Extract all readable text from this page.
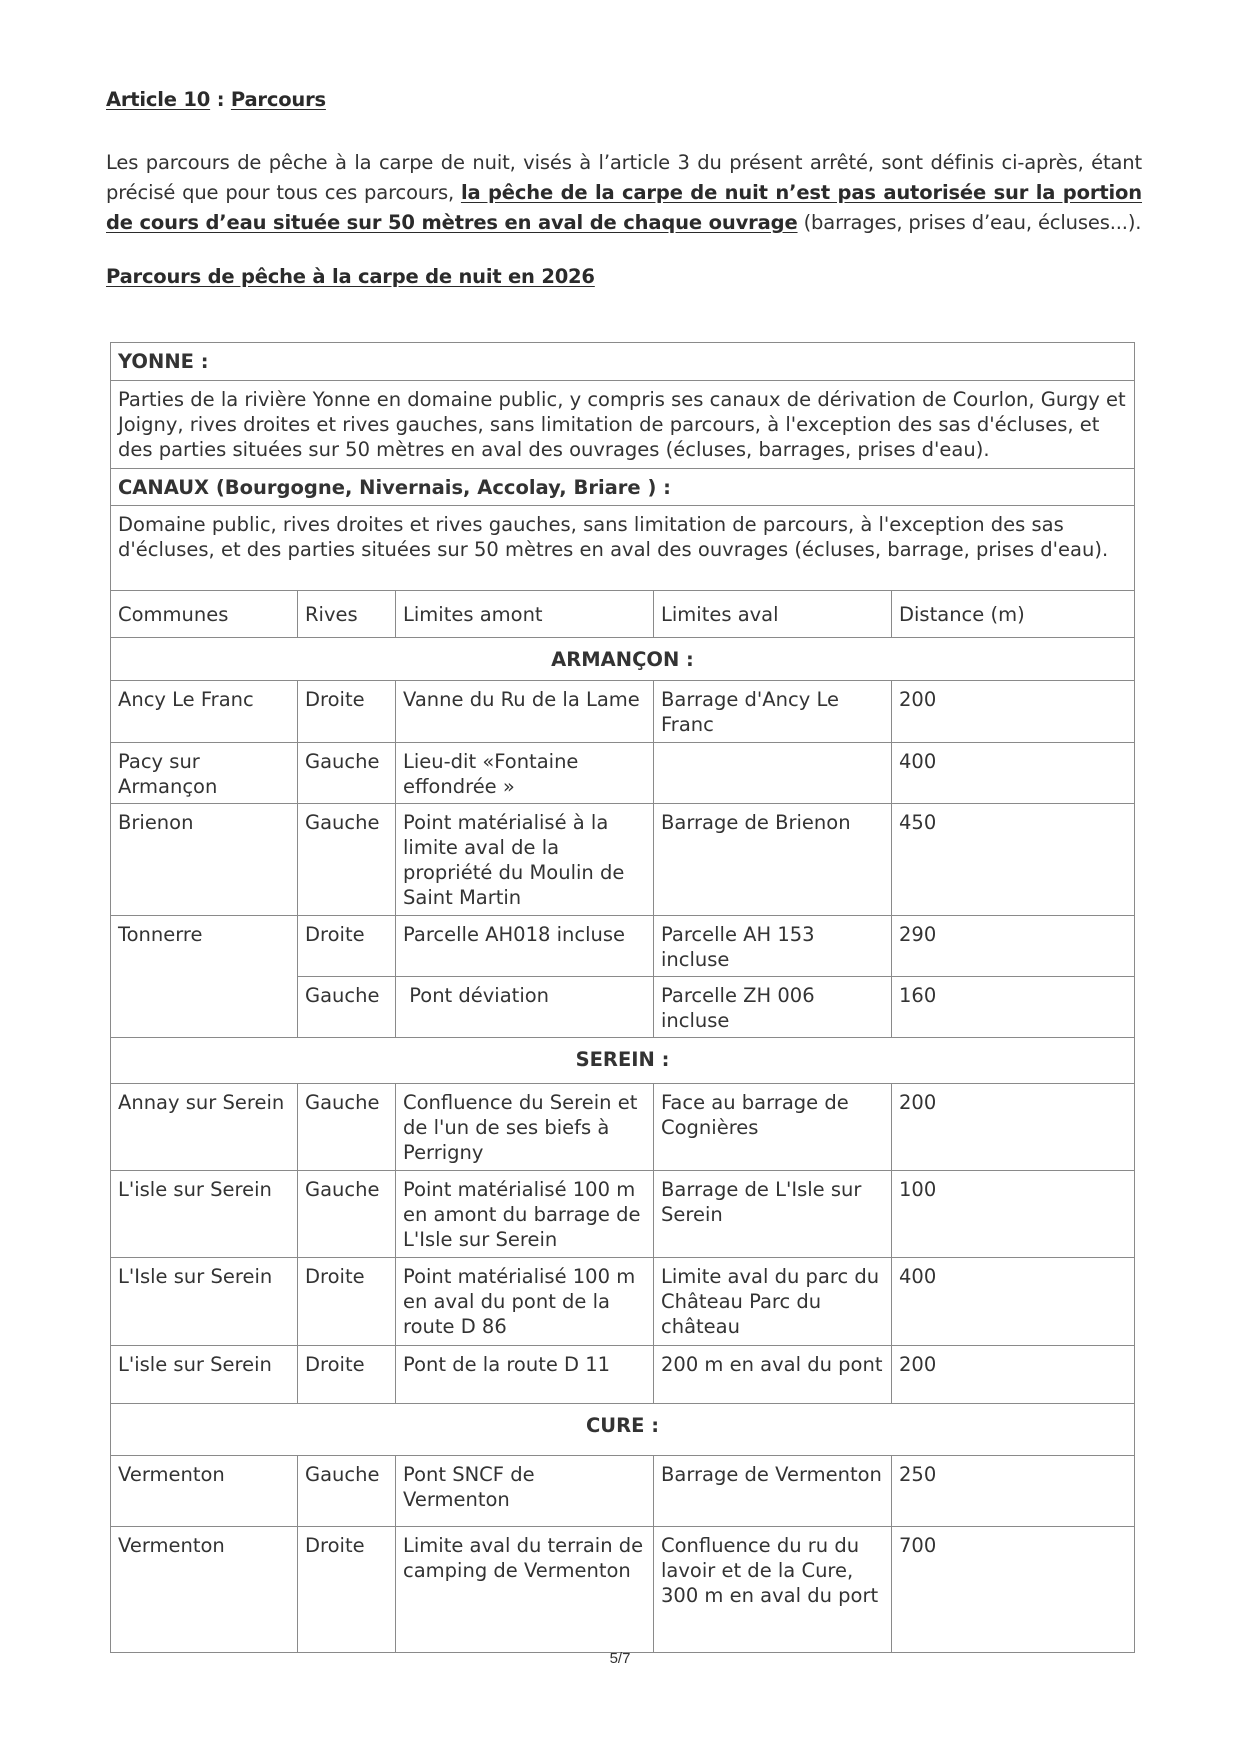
Article 10 : Parcours
Les parcours de pêche à la carpe de nuit, visés à l’article 3 du présent arrêté, sont définis ci-après, étant précisé que pour tous ces parcours, la pêche de la carpe de nuit n’est pas autorisée sur la portion de cours d’eau située sur 50 mètres en aval de chaque ouvrage (barrages, prises d’eau, écluses...).
Parcours de pêche à la carpe de nuit en 2026
YONNE :				
Parties de la rivière Yonne en domaine public, y compris ses canaux de dérivation de Courlon, Gurgy et Joigny, rives droites et rives gauches, sans limitation de parcours, à l'exception des sas d'écluses, et des parties situées sur 50 mètres en aval des ouvrages (écluses, barrages, prises d'eau).				
CANAUX (Bourgogne, Nivernais, Accolay, Briare ) :				
Domaine public, rives droites et rives gauches, sans limitation de parcours, à l'exception des sas d'écluses, et des parties situées sur 50 mètres en aval des ouvrages (écluses, barrage, prises d'eau).				
Communes	Rives	Limites amont	Limites aval	Distance (m)
ARMANÇON :				
Ancy Le Franc	Droite	Vanne du Ru de la Lame	Barrage d'Ancy Le Franc	200
Pacy sur Armançon	Gauche	Lieu-dit «Fontaine effondrée »		400
Brienon	Gauche	Point matérialisé à la limite aval de la propriété du Moulin de Saint Martin	Barrage de Brienon	450
Tonnerre	Droite	Parcelle AH018 incluse	Parcelle AH 153 incluse	290
	Gauche	Pont déviation	Parcelle ZH 006 incluse	160
SEREIN :				
Annay sur Serein	Gauche	Confluence du Serein et de l'un de ses biefs à Perrigny	Face au barrage de Cognières	200
L'isle sur Serein	Gauche	Point matérialisé 100 m en amont du barrage de L'Isle sur Serein	Barrage de L'Isle sur Serein	100
L'Isle sur Serein	Droite	Point matérialisé 100 m en aval du pont de la route D 86	Limite aval du parc du Château Parc du château	400
L'isle sur Serein	Droite	Pont de la route D 11	200 m en aval du pont	200
CURE :				
Vermenton	Gauche	Pont SNCF de Vermenton	Barrage de Vermenton	250
Vermenton	Droite	Limite aval du terrain de camping de Vermenton	Confluence du ru du lavoir et de la Cure, 300 m en aval du port	700
5/7
